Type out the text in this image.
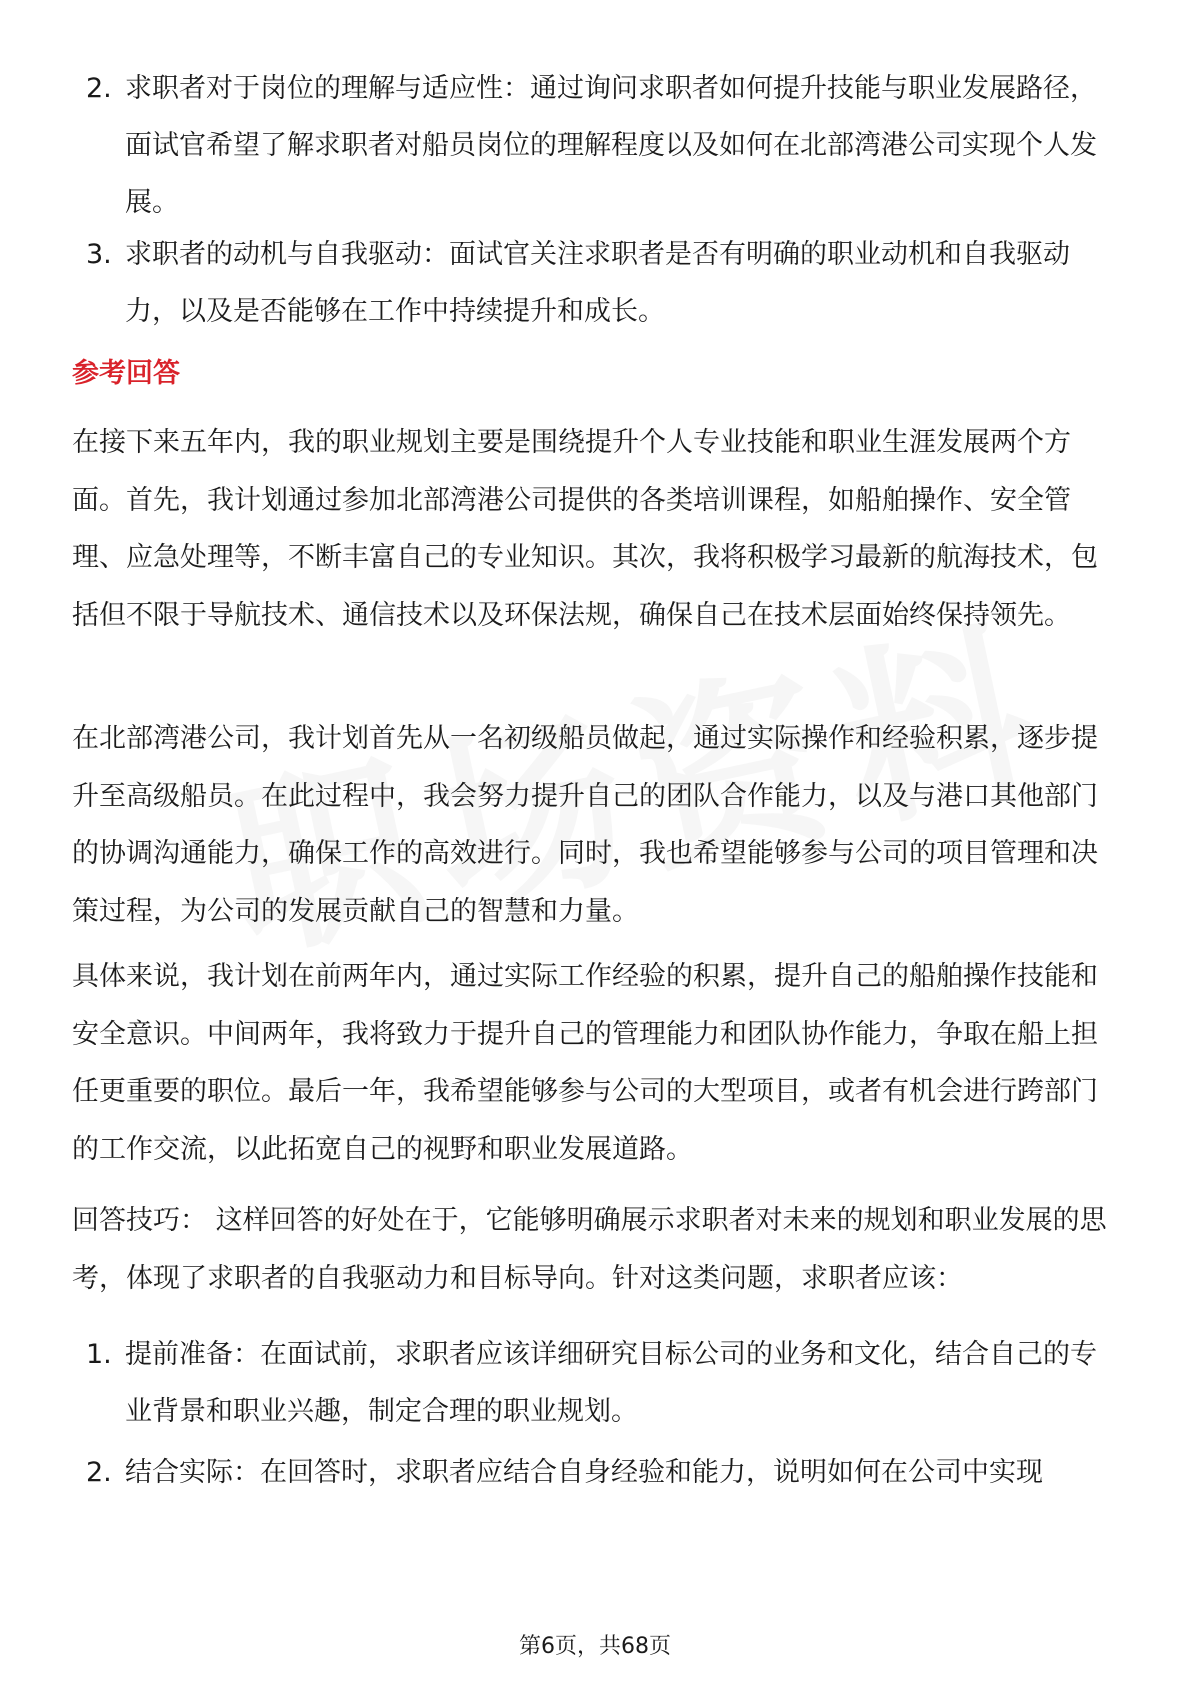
2. 求职者对于岗位的理解与适应性：通过询问求职者如何提升技能与职业发展路径，面试官希望了解求职者对船员岗位的理解程度以及如何在北部湾港公司实现个人发展。
3. 求职者的动机与自我驱动：面试官关注求职者是否有明确的职业动机和自我驱动力，以及是否能够在工作中持续提升和成长。
参考回答

在接下来五年内，我的职业规划主要是围绕提升个人专业技能和职业生涯发展两个方面。首先，我计划通过参加北部湾港公司提供的各类培训课程，如船舶操作、安全管理、应急处理等，不断丰富自己的专业知识。其次，我将积极学习最新的航海技术，包括但不限于导航技术、通信技术以及环保法规，确保自己在技术层面始终保持领先。

在北部湾港公司，我计划首先从一名初级船员做起，通过实际操作和经验积累，逐步提升至高级船员。在此过程中，我会努力提升自己的团队合作能力，以及与港口其他部门的协调沟通能力，确保工作的高效进行。同时，我也希望能够参与公司的项目管理和决策过程，为公司的发展贡献自己的智慧和力量。

具体来说，我计划在前两年内，通过实际工作经验的积累，提升自己的船舶操作技能和安全意识。中间两年，我将致力于提升自己的管理能力和团队协作能力，争取在船上担任更重要的职位。最后一年，我希望能够参与公司的大型项目，或者有机会进行跨部门的工作交流，以此拓宽自己的视野和职业发展道路。

回答技巧： 这样回答的好处在于，它能够明确展示求职者对未来的规划和职业发展的思考，体现了求职者的自我驱动力和目标导向。针对这类问题，求职者应该：

1. 提前准备：在面试前，求职者应该详细研究目标公司的业务和文化，结合自己的专业背景和职业兴趣，制定合理的职业规划。
2. 结合实际：在回答时，求职者应结合自身经验和能力，说明如何在公司中实现
第6页，共68页
